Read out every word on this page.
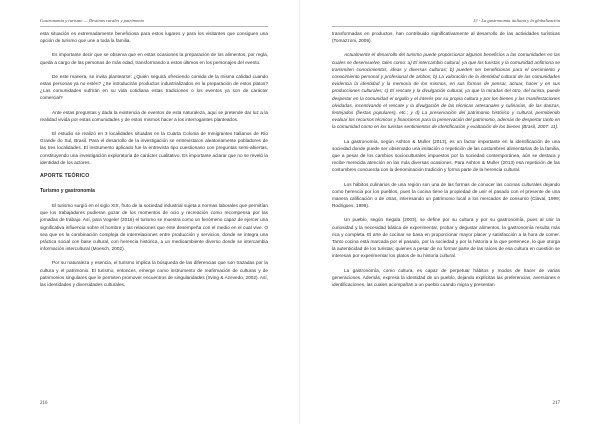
Gastronomía y turismo — Destinos rurales y patrimonio

esta situación es extremadamente beneficiosa para estos lugares y para los visitantes que consiguen una opción de turismo que une a toda la familia.

Es importante decir que se observa que en estas ocasiones la preparación de los alimentos, por regla, queda a cargo de las personas de más edad, transformando a estos últimos en los personajes del evento.

De este manera, se invita plantearse: ¿Quién seguirá ofreciendo comida de la misma calidad cuando estas personas ya no estén? ¿Se introducirán productos industrializados en la preparación de estos platos? ¿Las comunidades sufrirán en su vida cotidiana estas tradiciones o los eventos ya son de carácter comercial?

Ante estas preguntas y dada la existencia de eventos de esta naturaleza, aquí se pretende dar luz a la realidad vivida por estas comunidades y de estos mismos hacer a los interrogantes planteados.

El estudio se realizó en 3 localidades situadas en la Cuarta Colonia de Inmigrantes Italianos de Río Grande do Sul, Brasil. Para el desarrollo de la investigación se entrevistaron aleatoriamente pobladores de las tres localidades. El instrumento aplicado fue la entrevista tipo cuestionario con preguntas semi-abiertas, constituyendo una investigación exploratoria de carácter cualitativo. Es importante aclarar que no se reveló la identidad de los actores.

APORTE TEÓRICO
Turismo y gastronomía

El turismo surgió en el siglo XIX, fruto de la sociedad industrial sujeta a normas laborales que permitían que los trabajadores pudieran gozar de los momentos de ocio y recreación como recompensa por las jornadas de trabajo. Así, para Vogeler (2016) el turismo se muestra como un fenómeno capaz de ejercer una significativa influencia sobre el hombre y las relaciones que éste desempeña con el medio en el cual vive. O sea que es la combinación compleja de interrelaciones entre producción y servicios, donde se integra una práctica social con base cultural, con herencia histórica, a un medioambiente diverso donde se intercambia información intercultural (Moesch, 2002).

Por su naturaleza y esencia, el turismo implica la búsqueda de las diferencias que son trazadas por la cultura y el patrimonio. El turismo, entonces, emerge como instrumento de reafirmación de culturas y de patrimonios singulares que le permiten promover encuentros de singularidades (Irving & Azevedo, 2002). Así, las identidades y diversidades culturales,

216
13 - La gastronomía italiana y la globalización

transformadas en productos, han contribuido significativamente al desarrollo de las actividades turísticas (Tomazzoni, 2009).

Actualmente el desarrollo del turismo puede proporcionar algunos beneficios a las comunidades en las cuales se desenvuelve, tales como: a) El intercambio cultural, ya que los turistas y la comunidad anfitriona se transmiten conocimientos, ideas y diversas culturas; b) pueden ser beneficiosas para el crecimiento y conocimiento personal y profesional de ambos; b) La valoración de la identidad cultural de las comunidades evidencia la identidad y la memoria de los mismos, en sus formas de pensar, actuar, hacer y en sus producciones culturales; c) El rescate y la divulgación cultural, ya que la miradas del otro, del turista, puede despertar en la comunidad el orgullo y el interés por su propia cultura y por los bienes y las manifestaciones olvidadas, incentivando el rescate y la divulgación de las técnicas artesanales y culinarias, de las danzas, festejados (fiestas populares), etc.; y d) La preservación del patrimonio histórico y cultural, permitiendo evaluar los recursos técnicos y financieros para la preservación del patrimonio, además de despertar tanto en la comunidad como en los turistas sentimientos de identificación y exaltación de los bienes (Brasil, 2007: 11).

La gastronomía, según Ashton & Muller (2013), es un factor importante en la identificación de una sociedad donde puede ser observado una imitación o repetición de las costumbres alimentarias de la familia, que a pesar de los cambios socioculturales impuestos por la sociedad contemporánea, aún se destaca y recibe merecida atención en las más diversas ocasiones. Para Ashton & Muller (2013) esa repetición de las costumbres concuerda con la denominación tradición y forma parte de la herencia cultural.

Los hábitos culinarios de una región son una de las formas de conocer las cocinas culturales dejando como herencia por los pueblos, pues la cocina tiene la propiedad de unir el pasado con el presente de una manera calificación o de otras, interesando un patrimonio local a los mercados de consumo (Claval, 1999; Rodrigues, 1999).

Un pueblo, según Segala (2003), se define por su cultura y por su gastronomía, pues al unir la curiosidad y la necesidad básica de experimentar, probar y degustar alimentos, la gastronomía resulta más rica y completa. El arte de cocinar se basa en proporcionar mayor placer y satisfacción a la hora de comer. Tanto cocina está marcada por el pasado, por la sociedad y por la historia a la que pertenece, lo que otorga la autenticidad de los turistas; quienes a pesar de no formar parte de las raíces de esa cultura en cuestión se interesan por experimentar los platos de su historia cultural.

La gastronomía, como cultura, es capaz de perpetuar hábitos y modos de hacer de varias generaciones. Además, expresa la identidad de un pueblo, dejando explícitas las preferencias, aversiones e identificaciones, las cuales acompañan a un pueblo cuando migra y presentan

217
